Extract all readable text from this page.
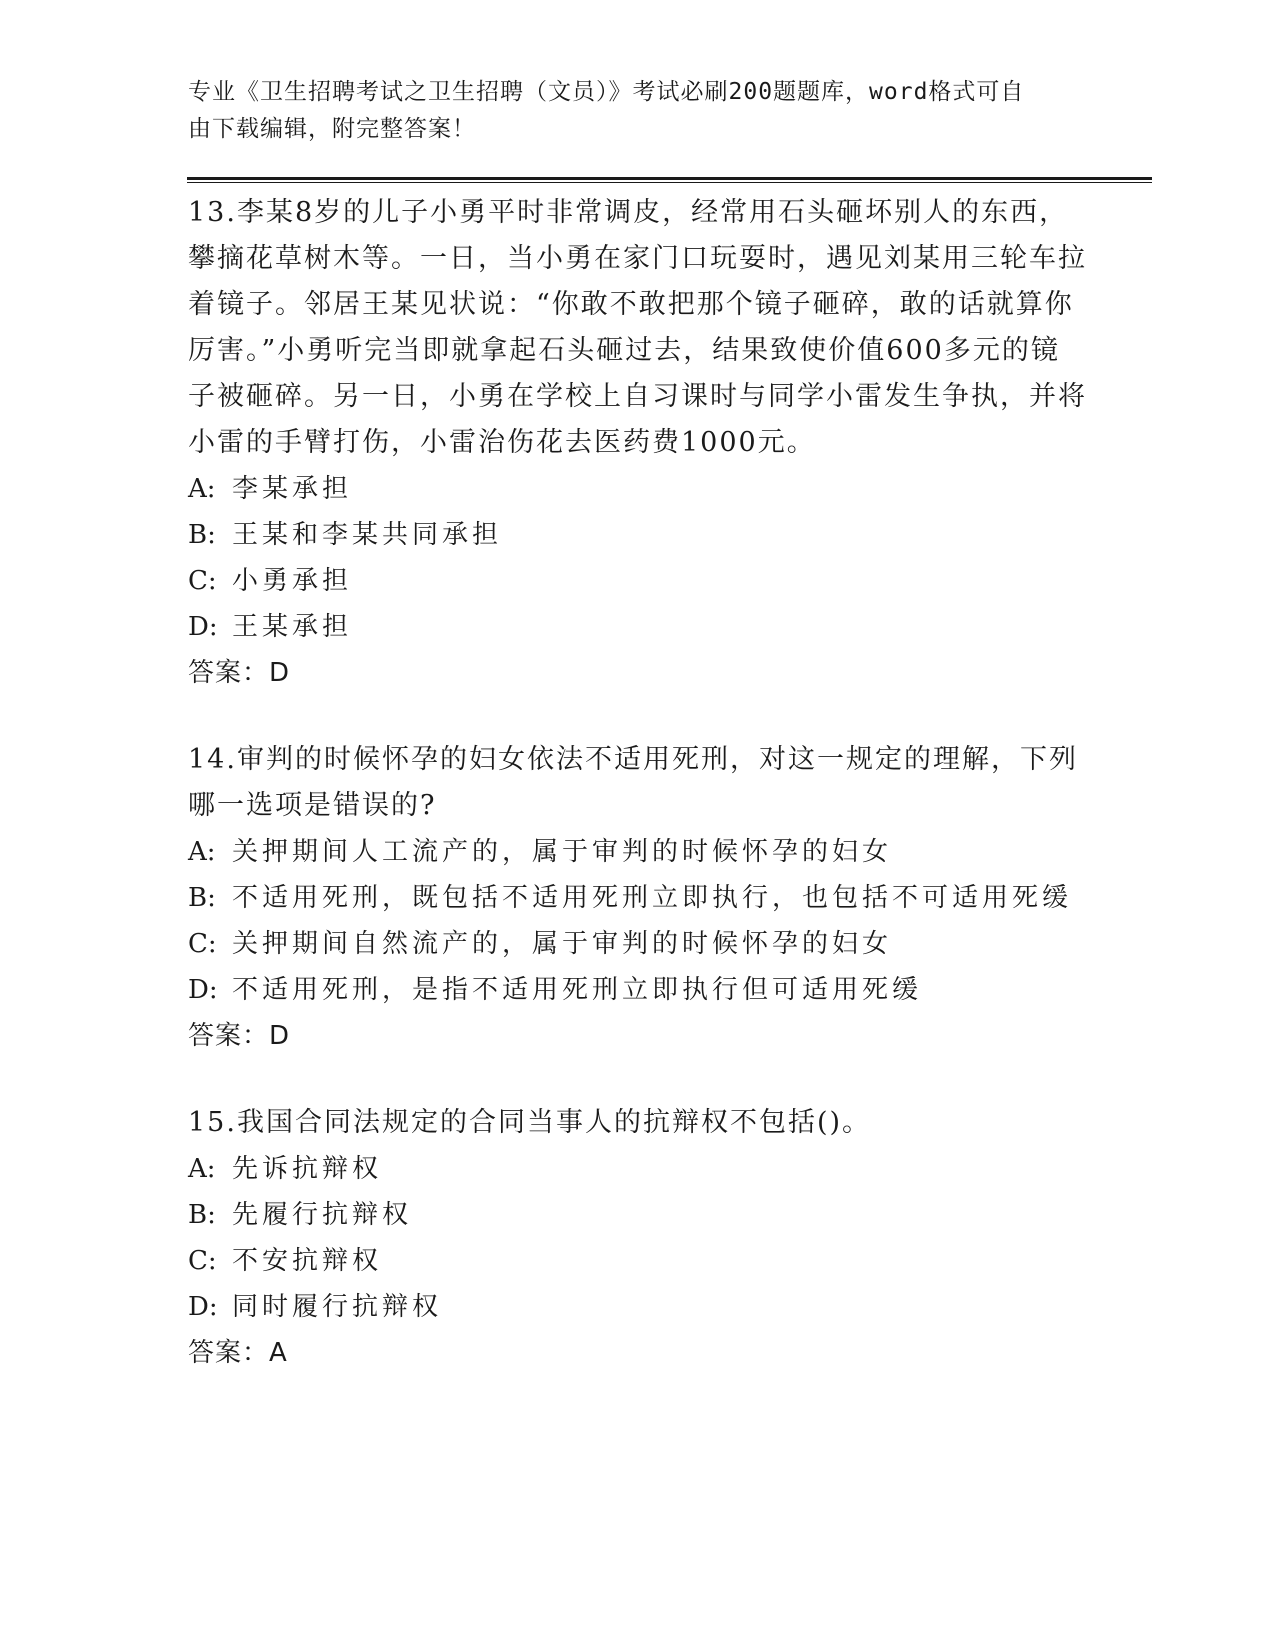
专业《卫生招聘考试之卫生招聘（文员）》考试必刷200题题库，word格式可自
由下载编辑，附完整答案！
13.李某8岁的儿子小勇平时非常调皮，经常用石头砸坏别人的东西，攀摘花草树木等。一日，当小勇在家门口玩耍时，遇见刘某用三轮车拉着镜子。邻居王某见状说：“你敢不敢把那个镜子砸碎，敢的话就算你厉害。”小勇听完当即就拿起石头砸过去，结果致使价值600多元的镜子被砸碎。另一日，小勇在学校上自习课时与同学小雷发生争执，并将小雷的手臂打伤，小雷治伤花去医药费1000元。
A: 李某承担
B: 王某和李某共同承担
C: 小勇承担
D: 王某承担
答案：D
14.审判的时候怀孕的妇女依法不适用死刑，对这一规定的理解，下列哪一选项是错误的?
A: 关押期间人工流产的，属于审判的时候怀孕的妇女
B: 不适用死刑，既包括不适用死刑立即执行，也包括不可适用死缓
C: 关押期间自然流产的，属于审判的时候怀孕的妇女
D: 不适用死刑，是指不适用死刑立即执行但可适用死缓
答案：D
15.我国合同法规定的合同当事人的抗辩权不包括()。
A: 先诉抗辩权
B: 先履行抗辩权
C: 不安抗辩权
D: 同时履行抗辩权
答案：A
